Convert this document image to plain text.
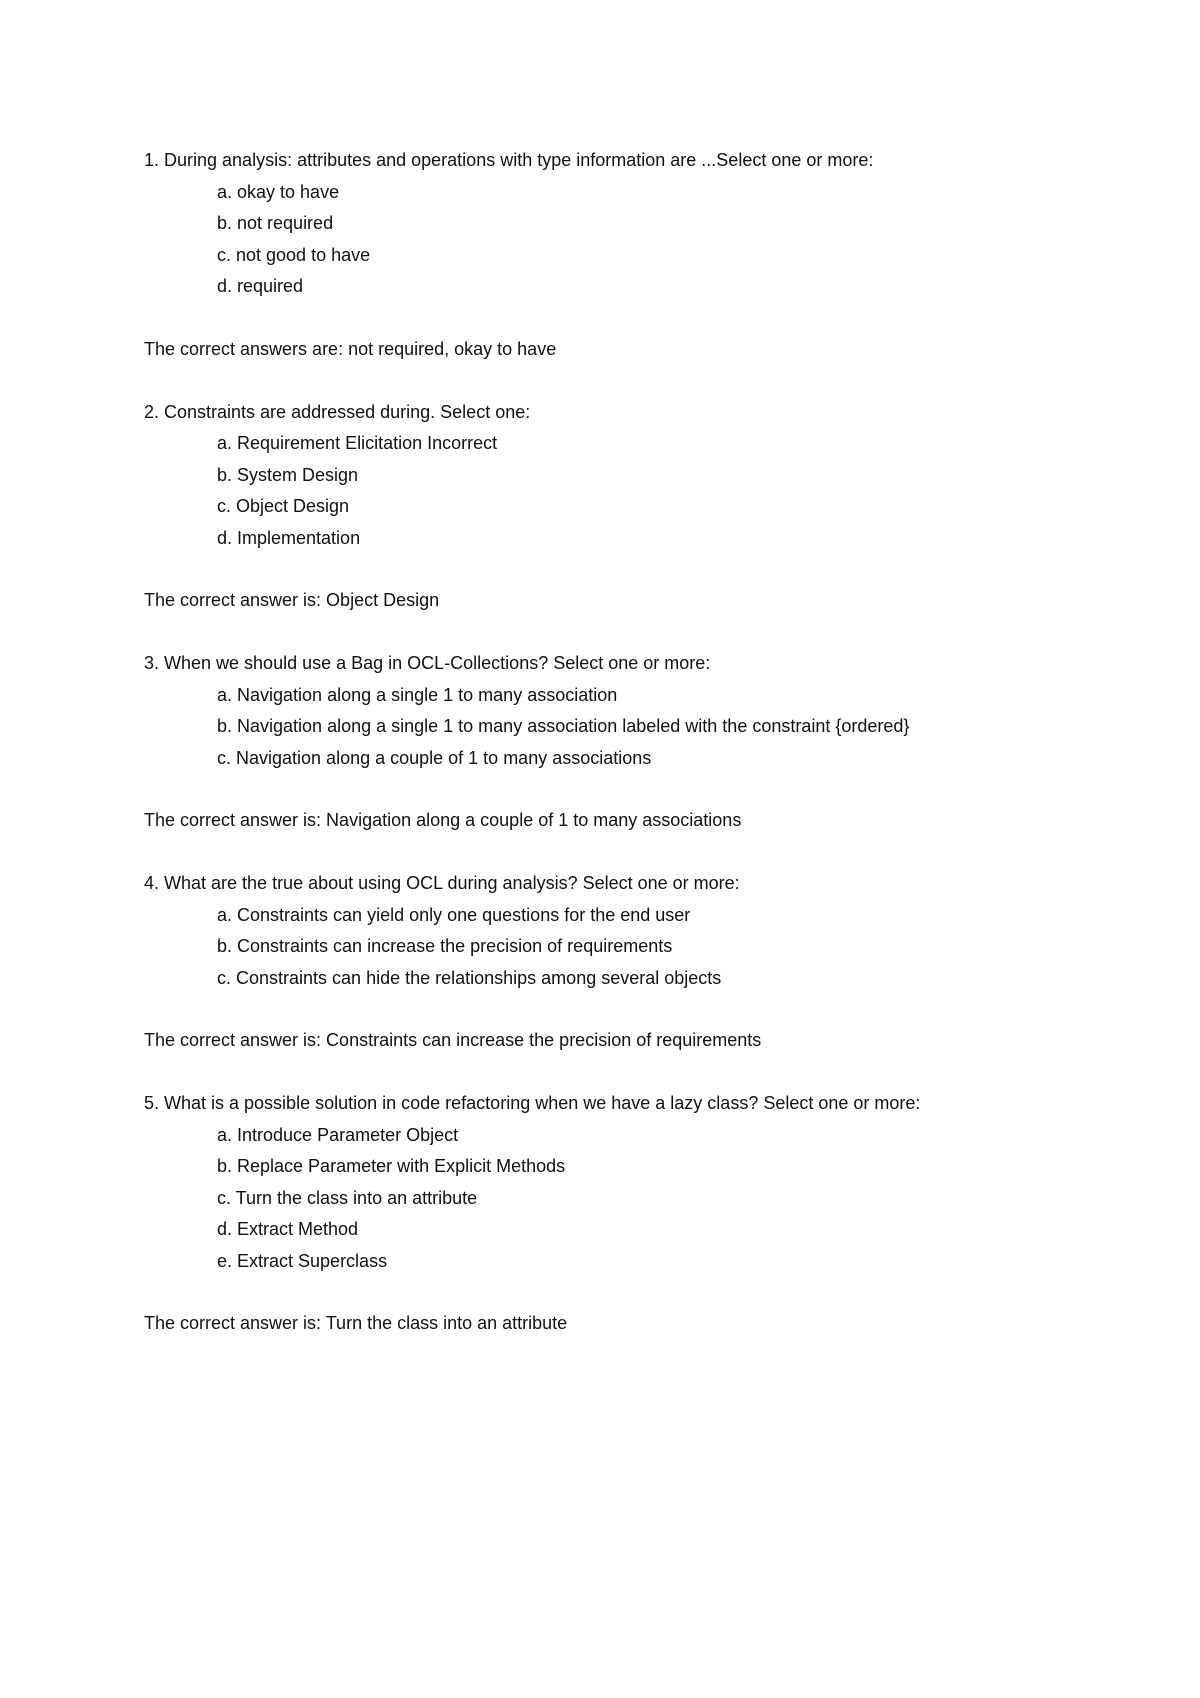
1. During analysis: attributes and operations with type information are ...Select one or more:

a. okay to have

b. not required

c. not good to have

d. required

The correct answers are: not required, okay to have

2. Constraints are addressed during. Select one:

a. Requirement Elicitation Incorrect

b. System Design

c. Object Design

d. Implementation

The correct answer is: Object Design

3. When we should use a Bag in OCL-Collections? Select one or more:

a. Navigation along a single 1 to many association

b. Navigation along a single 1 to many association labeled with the constraint {ordered}

c. Navigation along a couple of 1 to many associations

The correct answer is: Navigation along a couple of 1 to many associations

4. What are the true about using OCL during analysis? Select one or more:

a. Constraints can yield only one questions for the end user

b. Constraints can increase the precision of requirements

c. Constraints can hide the relationships among several objects

The correct answer is: Constraints can increase the precision of requirements

5. What is a possible solution in code refactoring when we have a lazy class? Select one or more:

a. Introduce Parameter Object

b. Replace Parameter with Explicit Methods

c. Turn the class into an attribute

d. Extract Method

e. Extract Superclass

The correct answer is: Turn the class into an attribute
